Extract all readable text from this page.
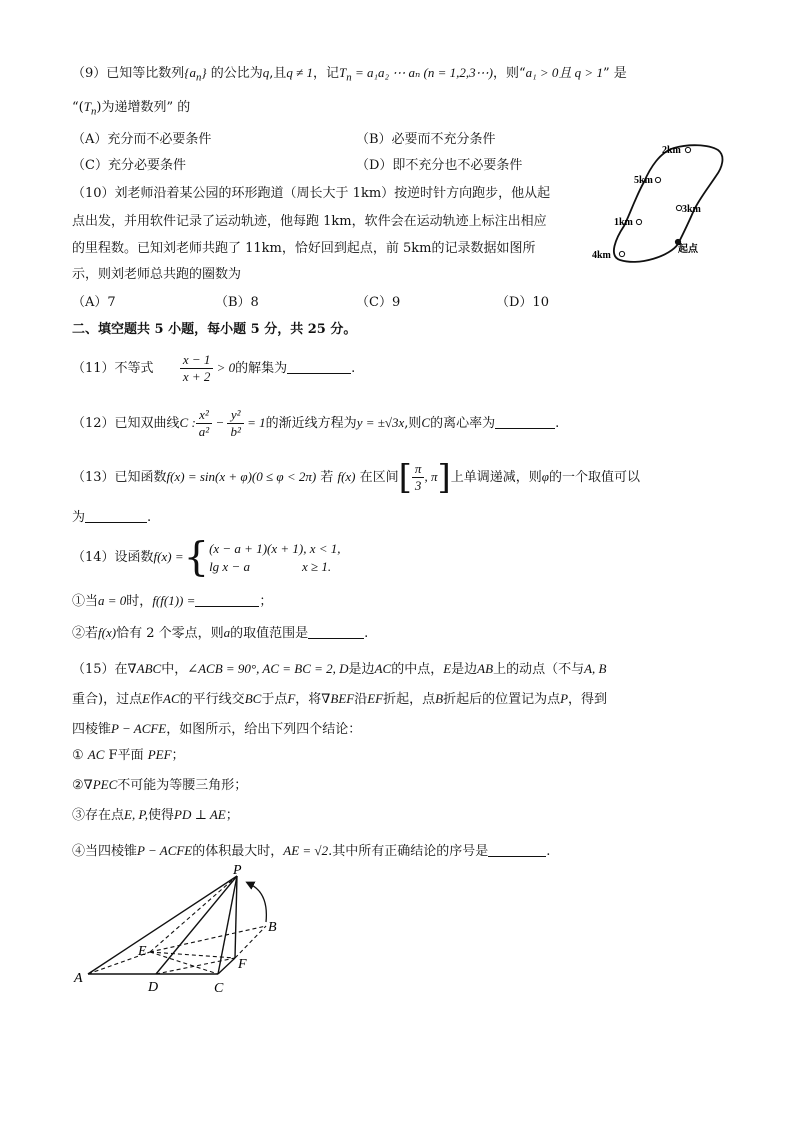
（9）已知等比数列$\{a_n\}$ 的公比为q,且q ≠ 1，记$T_n = a_1a_2$ ⋯ aₙ (n = 1,2,3⋯)，则“a₁ > 0且 q > 1” 是
“$(T_n)$为递增数列” 的
（A）充分而不必要条件	（B）必要而不充分条件
（C）充分必要条件	（D）即不充分也不必要条件
（10）刘老师沿着某公园的环形跑道（周长大于 1km）按逆时针方向跑步，他从起
点出发，并用软件记录了运动轨迹，他每跑 1km，软件会在运动轨迹上标注出相应
的里程数。已知刘老师共跑了 11km，恰好回到起点，前 5km的记录数据如图所
示，则刘老师总共跑的圈数为
（A）7	（B）8	（C）9	（D）10
2km
5km
3km
1km
4km
起点
二、填空题共 5 小题，每小题 5 分，共 25 分。
（11）不等式 $\frac{x - 1}{x + 2} > 0$的解集为	.
（12）已知双曲线C : $\frac{\text{x²}}{\text{a²}} - \frac{\text{y²}}{\text{b²}} = 1$的渐近线方程为y = ±√3x,则C的离心率为	.
（13）已知函数f(x) = sin(x + φ)(0 ≤ φ < 2π) 若 f(x) 在区间[ $\frac{\pi}{3}$ , π]上单调递减，则φ的一个取值可以
为	.
（14）设函数f(x) ={ (x − a + 1)(x + 1), x < 1,
lg x − a	x ≥ 1.
①当a = 0时，f(f(1)) =	；
②若f(x)恰有 2 个零点，则a的取值范围是	.
（15）在∇ABC中，∠ACB = 90°, AC = BC = 2, D是边AC的中点，E是边AB上的动点（不与A, B
重合)，过点E作AC的平行线交BC于点F，将∇BEF沿EF折起，点B折起后的位置记为点P，得到
四棱锥P − ACFE，如图所示，给出下列四个结论：
① AC F平面 PEF；
②∇PEC不可能为等腰三角形；
③存在点E, P,使得PD ⊥ AE；
④当四棱锥P − ACFE的体积最大时，AE = √2.其中所有正确结论的序号是	.
P
B
E
F
A
D	C
